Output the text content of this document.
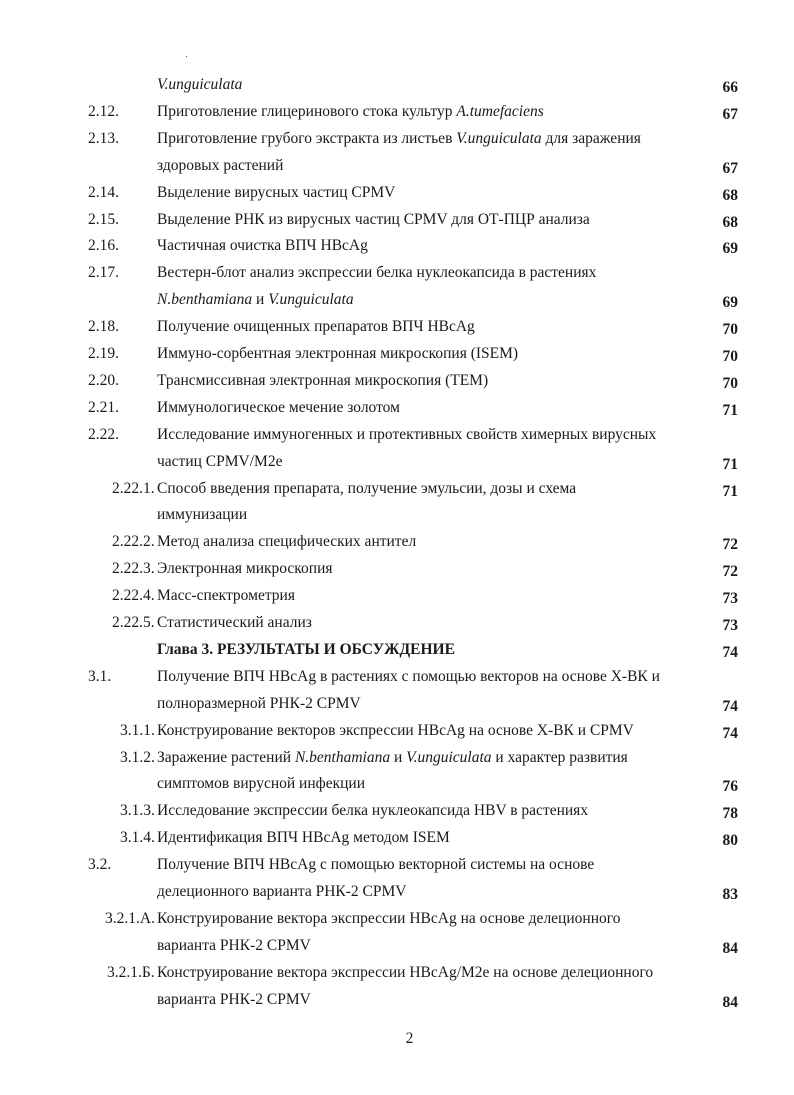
V.unguiculata	66
2.12. Приготовление глицеринового стока культур A.tumefaciens	67
2.13. Приготовление грубого экстракта из листьев V.unguiculata для заражения
здоровых растений	67
2.14. Выделение вирусных частиц CPMV	68
2.15. Выделение РНК из вирусных частиц CPMV для ОТ-ПЦР анализа	68
2.16. Частичная очистка ВПЧ HBcAg	69
2.17. Вестерн-блот анализ экспрессии белка нуклеокапсида в растениях
N.benthamiana и V.unguiculata	69
2.18. Получение очищенных препаратов ВПЧ HBcAg	70
2.19. Иммуно-сорбентная электронная микроскопия (ISEM)	70
2.20. Трансмиссивная электронная микроскопия (ТЕМ)	70
2.21. Иммунологическое мечение золотом	71
2.22. Исследование иммуногенных и протективных свойств химерных вирусных
частиц CPMV/M2e	71
2.22.1. Способ введения препарата, получение эмульсии, дозы и схема	71
иммунизации
2.22.2. Метод анализа специфических антител	72
2.22.3. Электронная микроскопия	72
2.22.4. Масс-спектрометрия	73
2.22.5. Статистический анализ	73
Глава 3. РЕЗУЛЬТАТЫ И ОБСУЖДЕНИЕ	74
3.1.	Получение ВПЧ HBcAg в растениях с помощью векторов на основе Х-ВК и
полноразмерной РНК-2 CPMV	74
3.1.1. Конструирование векторов экспрессии HBcAg на основе Х-ВК и CPMV	74
3.1.2. Заражение растений N.benthamiana и V.unguiculata и характер развития
симптомов вирусной инфекции	76
3.1.3. Исследование экспрессии белка нуклеокапсида HBV в растениях	78
3.1.4. Идентификация ВПЧ HBcAg методом ISEM	80
3.2.	Получение ВПЧ HBcAg с помощью векторной системы на основе
делеционного варианта РНК-2 CPMV	83
3.2.1.А. Конструирование вектора экспрессии HBcAg на основе делеционного
варианта РНК-2 CPMV	84
3.2.1.Б. Конструирование вектора экспрессии HBcAg/M2e на основе делеционного
варианта РНК-2 CPMV	84
2
